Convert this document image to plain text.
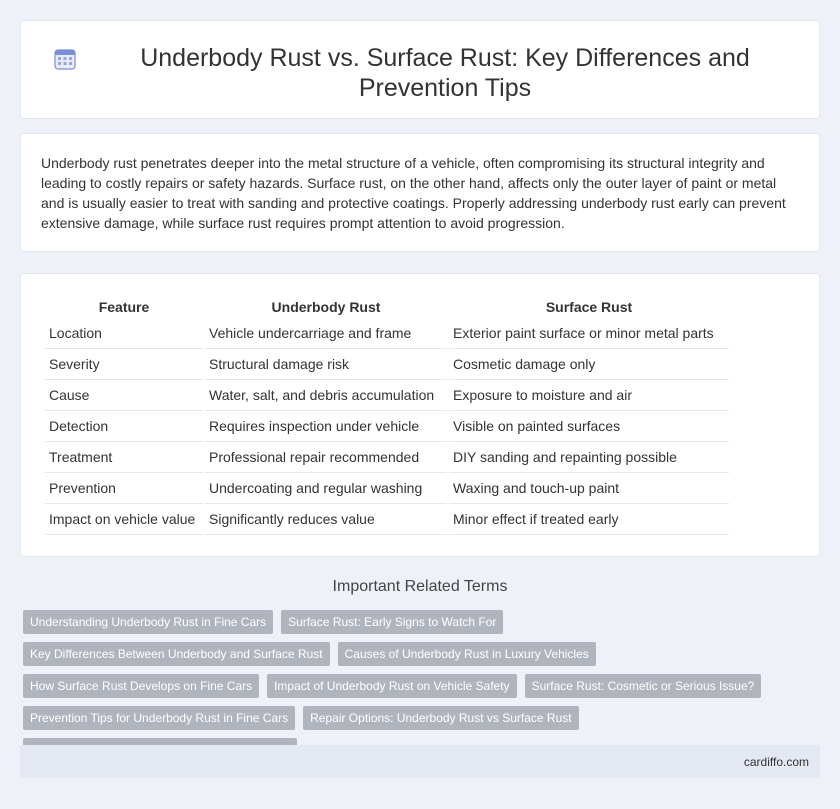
Underbody Rust vs. Surface Rust: Key Differences and Prevention Tips

Underbody rust penetrates deeper into the metal structure of a vehicle, often compromising its structural integrity and leading to costly repairs or safety hazards. Surface rust, on the other hand, affects only the outer layer of paint or metal and is usually easier to treat with sanding and protective coatings. Properly addressing underbody rust early can prevent extensive damage, while surface rust requires prompt attention to avoid progression.

Feature	Underbody Rust	Surface Rust
Location	Vehicle undercarriage and frame	Exterior paint surface or minor metal parts
Severity	Structural damage risk	Cosmetic damage only
Cause	Water, salt, and debris accumulation	Exposure to moisture and air
Detection	Requires inspection under vehicle	Visible on painted surfaces
Treatment	Professional repair recommended	DIY sanding and repainting possible
Prevention	Undercoating and regular washing	Waxing and touch-up paint
Impact on vehicle value	Significantly reduces value	Minor effect if treated early
Important Related Terms
Understanding Underbody Rust in Fine Cars	Surface Rust: Early Signs to Watch For
Key Differences Between Underbody and Surface Rust	Causes of Underbody Rust in Luxury Vehicles
How Surface Rust Develops on Fine Cars	Impact of Underbody Rust on Vehicle Safety	Surface Rust: Cosmetic or Serious Issue?
Prevention Tips for Underbody Rust in Fine Cars	Repair Options: Underbody Rust vs Surface Rust
cardiffo.com
